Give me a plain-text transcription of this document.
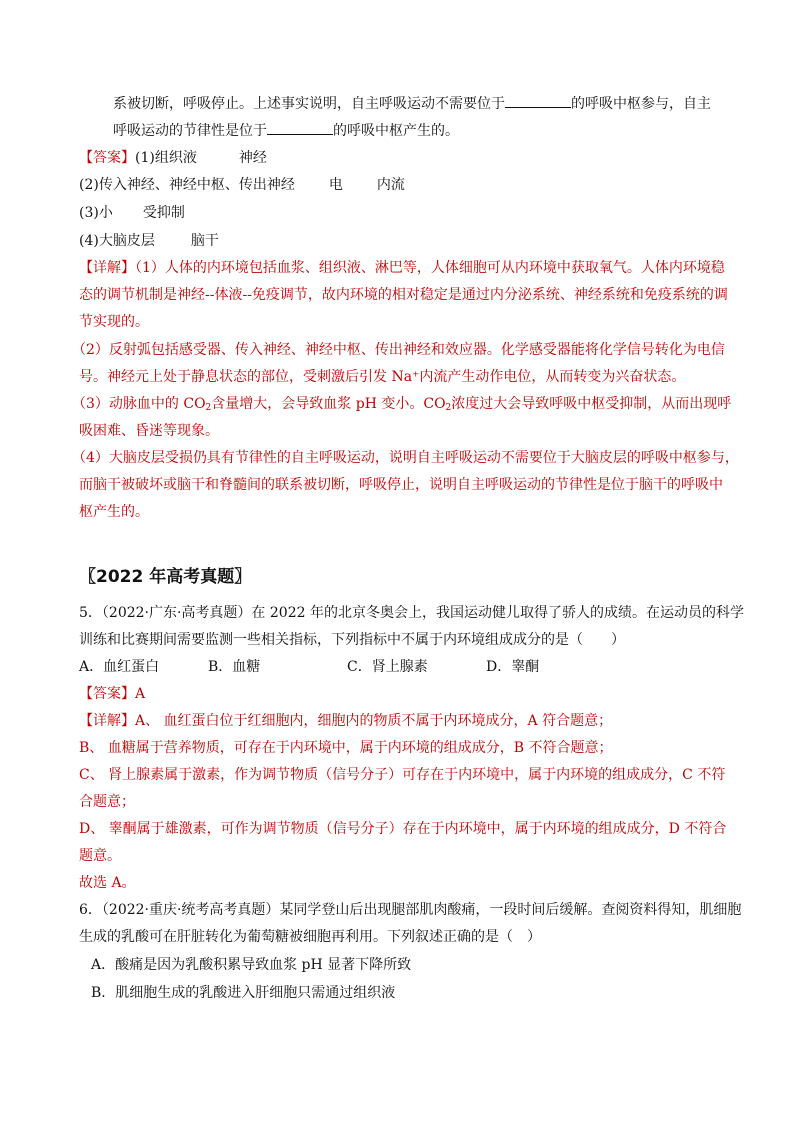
系被切断，呼吸停止。上述事实说明，自主呼吸运动不需要位于	的呼吸中枢参与，自主
呼吸运动的节律性是位于	的呼吸中枢产生的。
【答案】(1)组织液	神经
(2)传入神经、神经中枢、传出神经 电 内流
(3)小 受抑制
(4)大脑皮层	脑干
【详解】（1）人体的内环境包括血浆、组织液、淋巴等，人体细胞可从内环境中获取氧气。人体内环境稳
态的调节机制是神经--体液--免疫调节，故内环境的相对稳定是通过内分泌系统、神经系统和免疫系统的调
节实现的。
（2）反射弧包括感受器、传入神经、神经中枢、传出神经和效应器。化学感受器能将化学信号转化为电信
号。神经元上处于静息状态的部位，受刺激后引发 Na⁺内流产生动作电位，从而转变为兴奋状态。
（3）动脉血中的 $CO_2$含量增大，会导致血浆 pH 变小。$CO_2$浓度过大会导致呼吸中枢受抑制，从而出现呼
吸困难、昏迷等现象。
（4）大脑皮层受损仍具有节律性的自主呼吸运动，说明自主呼吸运动不需要位于大脑皮层的呼吸中枢参与，
而脑干被破坏或脑干和脊髓间的联系被切断，呼吸停止，说明自主呼吸运动的节律性是位于脑干的呼吸中
枢产生的。
〖2022 年高考真题〗
5．（2022·广东·高考真题）在 2022 年的北京冬奥会上，我国运动健儿取得了骄人的成绩。在运动员的科学
训练和比赛期间需要监测一些相关指标，下列指标中不属于内环境组成成分的是（　　）
A．血红蛋白	B．血糖	C．肾上腺素	D．睾酮
【答案】A
【详解】A、 血红蛋白位于红细胞内，细胞内的物质不属于内环境成分，A 符合题意；
B、 血糖属于营养物质，可存在于内环境中，属于内环境的组成成分，B 不符合题意；
C、 肾上腺素属于激素，作为调节物质（信号分子）可存在于内环境中，属于内环境的组成成分，C 不符
合题意；
D、 睾酮属于雄激素，可作为调节物质（信号分子）存在于内环境中，属于内环境的组成成分，D 不符合
题意。
故选 A。
6．（2022·重庆·统考高考真题）某同学登山后出现腿部肌肉酸痛，一段时间后缓解。查阅资料得知，肌细胞
生成的乳酸可在肝脏转化为葡萄糖被细胞再利用。下列叙述正确的是（　）
A．酸痛是因为乳酸积累导致血浆 pH 显著下降所致
B．肌细胞生成的乳酸进入肝细胞只需通过组织液
